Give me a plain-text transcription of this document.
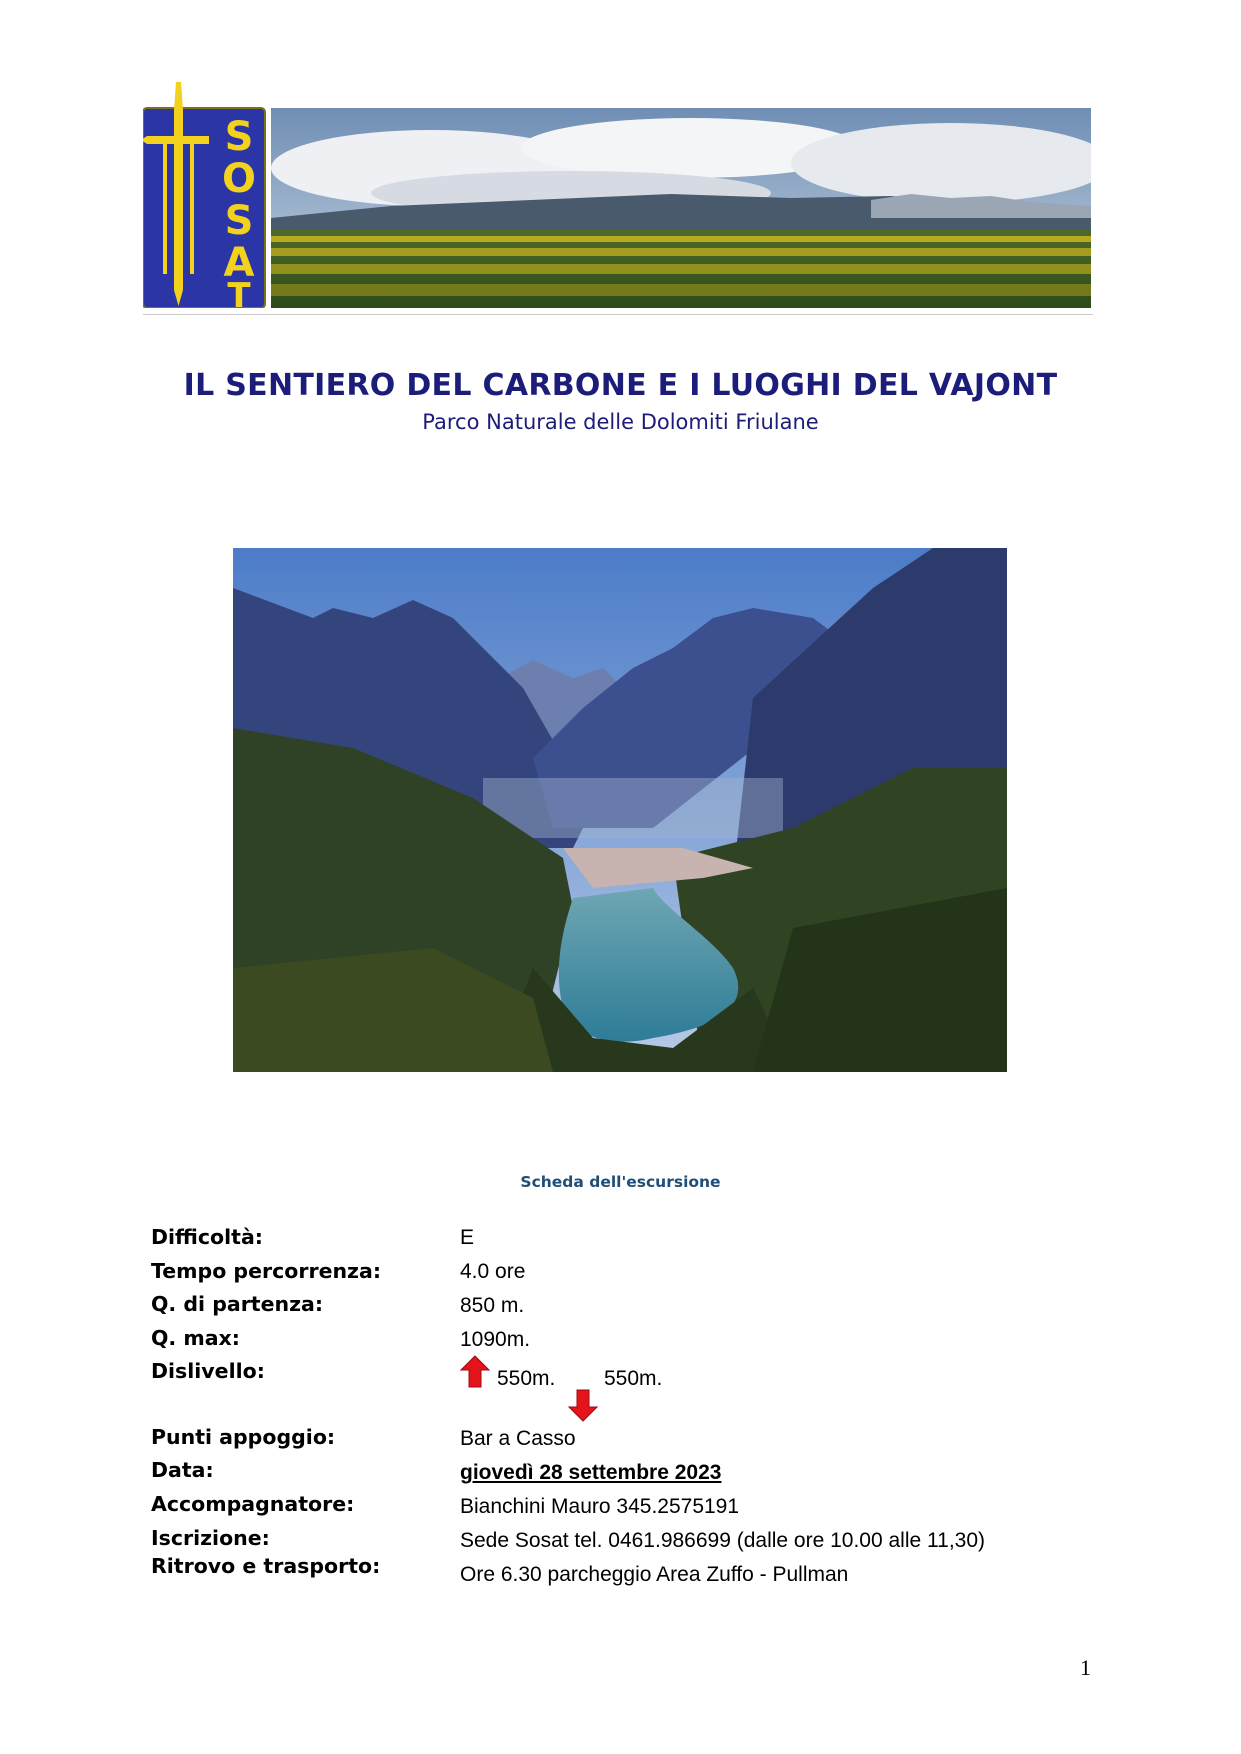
S
O
S
A
T
IL SENTIERO DEL CARBONE E I LUOGHI DEL VAJONT
Parco Naturale delle Dolomiti Friulane
Scheda dell'escursione
Difficoltà:	E
Tempo percorrenza:	4.0 ore
Q. di partenza:	850 m.
Q. max:	1090m.
Dislivello:	550m. 550m.
Punti appoggio:	Bar a Casso
Data:	giovedì 28 settembre 2023
Accompagnatore:	Bianchini Mauro 345.2575191
Iscrizione:	Sede Sosat tel. 0461.986699 (dalle ore 10.00 alle 11,30)
Ritrovo e trasporto:	Ore 6.30 parcheggio Area Zuffo - Pullman
1
